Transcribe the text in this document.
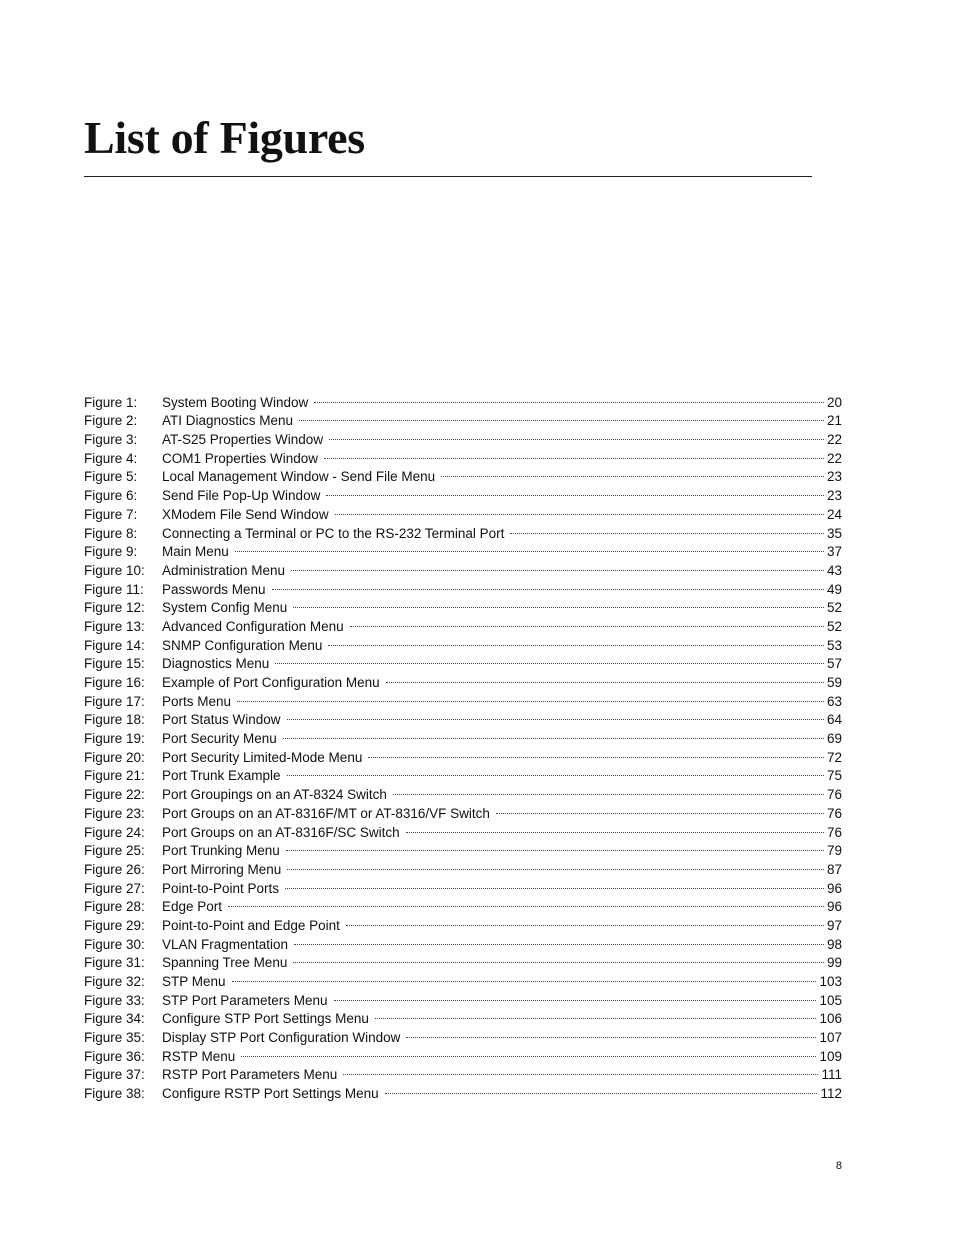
List of Figures
Figure 1:	System Booting Window	20
Figure 2:	ATI Diagnostics Menu	21
Figure 3:	AT-S25 Properties Window	22
Figure 4:	COM1 Properties Window	22
Figure 5:	Local Management Window - Send File Menu	23
Figure 6:	Send File Pop-Up Window	23
Figure 7:	XModem File Send Window	24
Figure 8:	Connecting a Terminal or PC to the RS-232 Terminal Port	35
Figure 9:	Main Menu	37
Figure 10:	Administration Menu	43
Figure 11:	Passwords Menu	49
Figure 12:	System Config Menu	52
Figure 13:	Advanced Configuration Menu	52
Figure 14:	SNMP Configuration Menu	53
Figure 15:	Diagnostics Menu	57
Figure 16:	Example of Port Configuration Menu	59
Figure 17:	Ports Menu	63
Figure 18:	Port Status Window	64
Figure 19:	Port Security Menu	69
Figure 20:	Port Security Limited-Mode Menu	72
Figure 21:	Port Trunk Example	75
Figure 22:	Port Groupings on an AT-8324 Switch	76
Figure 23:	Port Groups on an AT-8316F/MT or AT-8316/VF Switch	76
Figure 24:	Port Groups on an AT-8316F/SC Switch	76
Figure 25:	Port Trunking Menu	79
Figure 26:	Port Mirroring Menu	87
Figure 27:	Point-to-Point Ports	96
Figure 28:	Edge Port	96
Figure 29:	Point-to-Point and Edge Point	97
Figure 30:	VLAN Fragmentation	98
Figure 31:	Spanning Tree Menu	99
Figure 32:	STP Menu	103
Figure 33:	STP Port Parameters Menu	105
Figure 34:	Configure STP Port Settings Menu	106
Figure 35:	Display STP Port Configuration Window	107
Figure 36:	RSTP Menu	109
Figure 37:	RSTP Port Parameters Menu	111
Figure 38:	Configure RSTP Port Settings Menu	112
8
